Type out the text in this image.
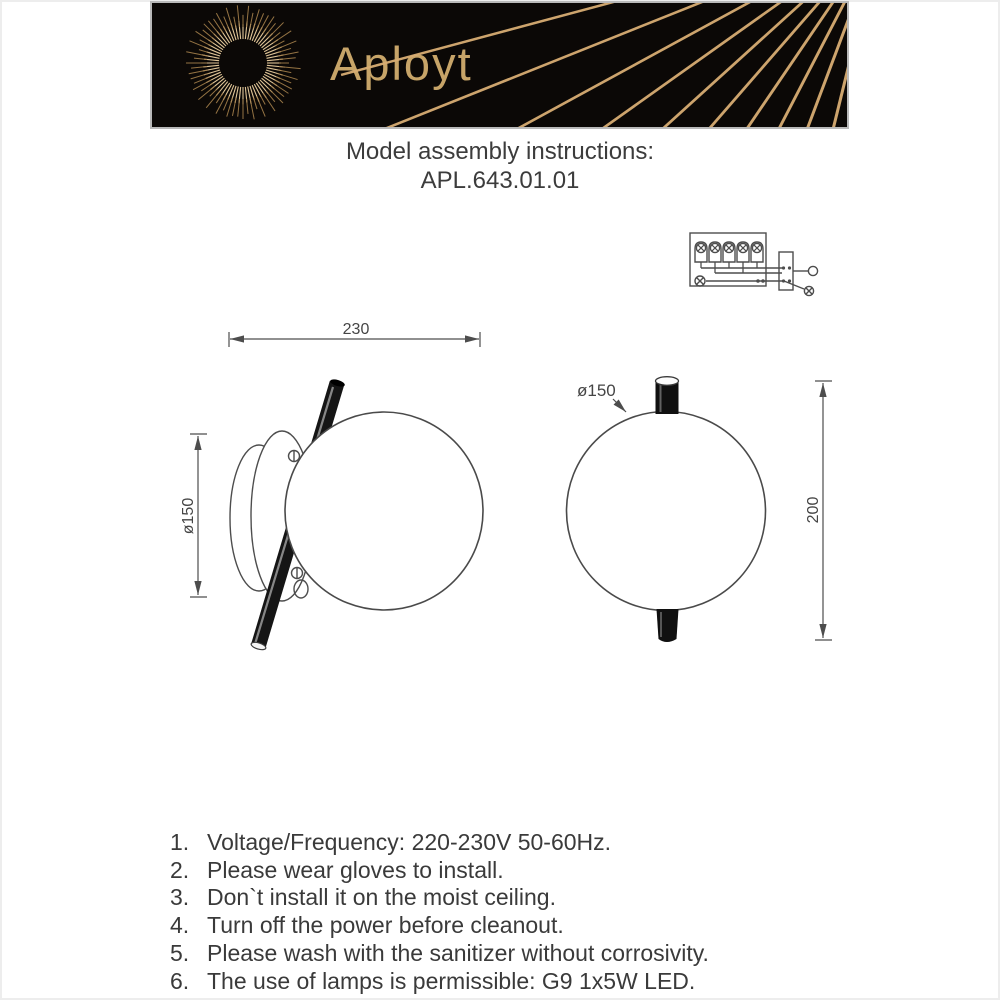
Aployt
Model assembly instructions:
APL.643.01.01
230
ø150
ø150
200
1. Voltage/Frequency: 220-230V 50-60Hz.
2. Please wear gloves to install.
3. Don`t install it on the moist ceiling.
4. Turn off the power before cleanout.
5. Please wash with the sanitizer without corrosivity.
6. The use of lamps is permissible: G9 1x5W LED.
